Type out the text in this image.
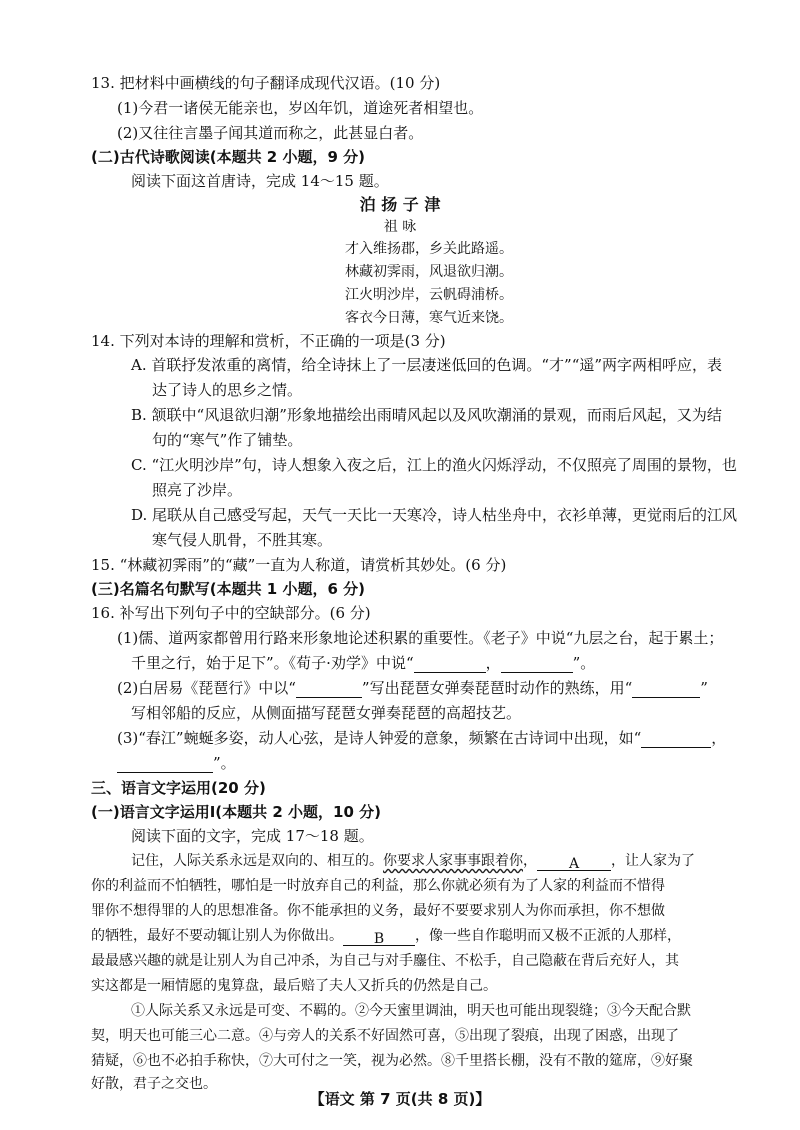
13. 把材料中画横线的句子翻译成现代汉语。(10 分)
(1)今君一诸侯无能亲也，岁凶年饥，道途死者相望也。
(2)又往往言墨子闻其道而称之，此甚显白者。
(二)古代诗歌阅读(本题共 2 小题，9 分)
阅读下面这首唐诗，完成 14～15 题。
泊 扬 子 津
祖 咏
才入维扬郡，乡关此路遥。
林藏初霁雨，风退欲归潮。
江火明沙岸，云帆碍浦桥。
客衣今日薄，寒气近来饶。
14. 下列对本诗的理解和赏析，不正确的一项是(3 分)
A. 首联抒发浓重的离情，给全诗抹上了一层凄迷低回的色调。“才”“遥”两字两相呼应，表
达了诗人的思乡之情。
B. 颔联中“风退欲归潮”形象地描绘出雨晴风起以及风吹潮涌的景观，而雨后风起，又为结
句的“寒气”作了铺垫。
C. “江火明沙岸”句，诗人想象入夜之后，江上的渔火闪烁浮动，不仅照亮了周围的景物，也
照亮了沙岸。
D. 尾联从自己感受写起，天气一天比一天寒冷，诗人枯坐舟中，衣衫单薄，更觉雨后的江风
寒气侵人肌骨，不胜其寒。
15. “林藏初霁雨”的“藏”一直为人称道，请赏析其妙处。(6 分)
(三)名篇名句默写(本题共 1 小题，6 分)
16. 补写出下列句子中的空缺部分。(6 分)
(1)儒、道两家都曾用行路来形象地论述积累的重要性。《老子》中说“九层之台，起于累土；
千里之行，始于足下”。《荀子·劝学》中说“	，	”。
(2)白居易《琵琶行》中以“	”写出琵琶女弹奏琵琶时动作的熟练，用“	”
写相邻船的反应，从侧面描写琵琶女弹奏琵琶的高超技艺。
(3)“春江”蜿蜒多姿，动人心弦，是诗人钟爱的意象，频繁在古诗词中出现，如“	，
”。
三、语言文字运用(20 分)
(一)语言文字运用Ⅰ(本题共 2 小题，10 分)
阅读下面的文字，完成 17～18 题。
记住，人际关系永远是双向的、相互的。你要求人家事事跟着你， A ，让人家为了
你的利益而不怕牺牲，哪怕是一时放弃自己的利益，那么你就必须有为了人家的利益而不惜得
罪你不想得罪的人的思想准备。你不能承担的义务，最好不要要求别人为你而承担，你不想做
的牺牲，最好不要动辄让别人为你做出。 B ，像一些自作聪明而又极不正派的人那样，
最最感兴趣的就是让别人为自己冲杀，为自己与对手鏖住、不松手，自己隐蔽在背后充好人，其
实这都是一厢情愿的鬼算盘，最后赔了夫人又折兵的仍然是自己。
①人际关系又永远是可变、不羁的。②今天蜜里调油，明天也可能出现裂缝；③今天配合默
契，明天也可能三心二意。④与旁人的关系不好固然可喜，⑤出现了裂痕，出现了困惑，出现了
猜疑，⑥也不必拍手称快，⑦大可付之一笑，视为必然。⑧千里搭长棚，没有不散的筵席，⑨好聚
好散，君子之交也。
【语文 第 7 页(共 8 页)】
